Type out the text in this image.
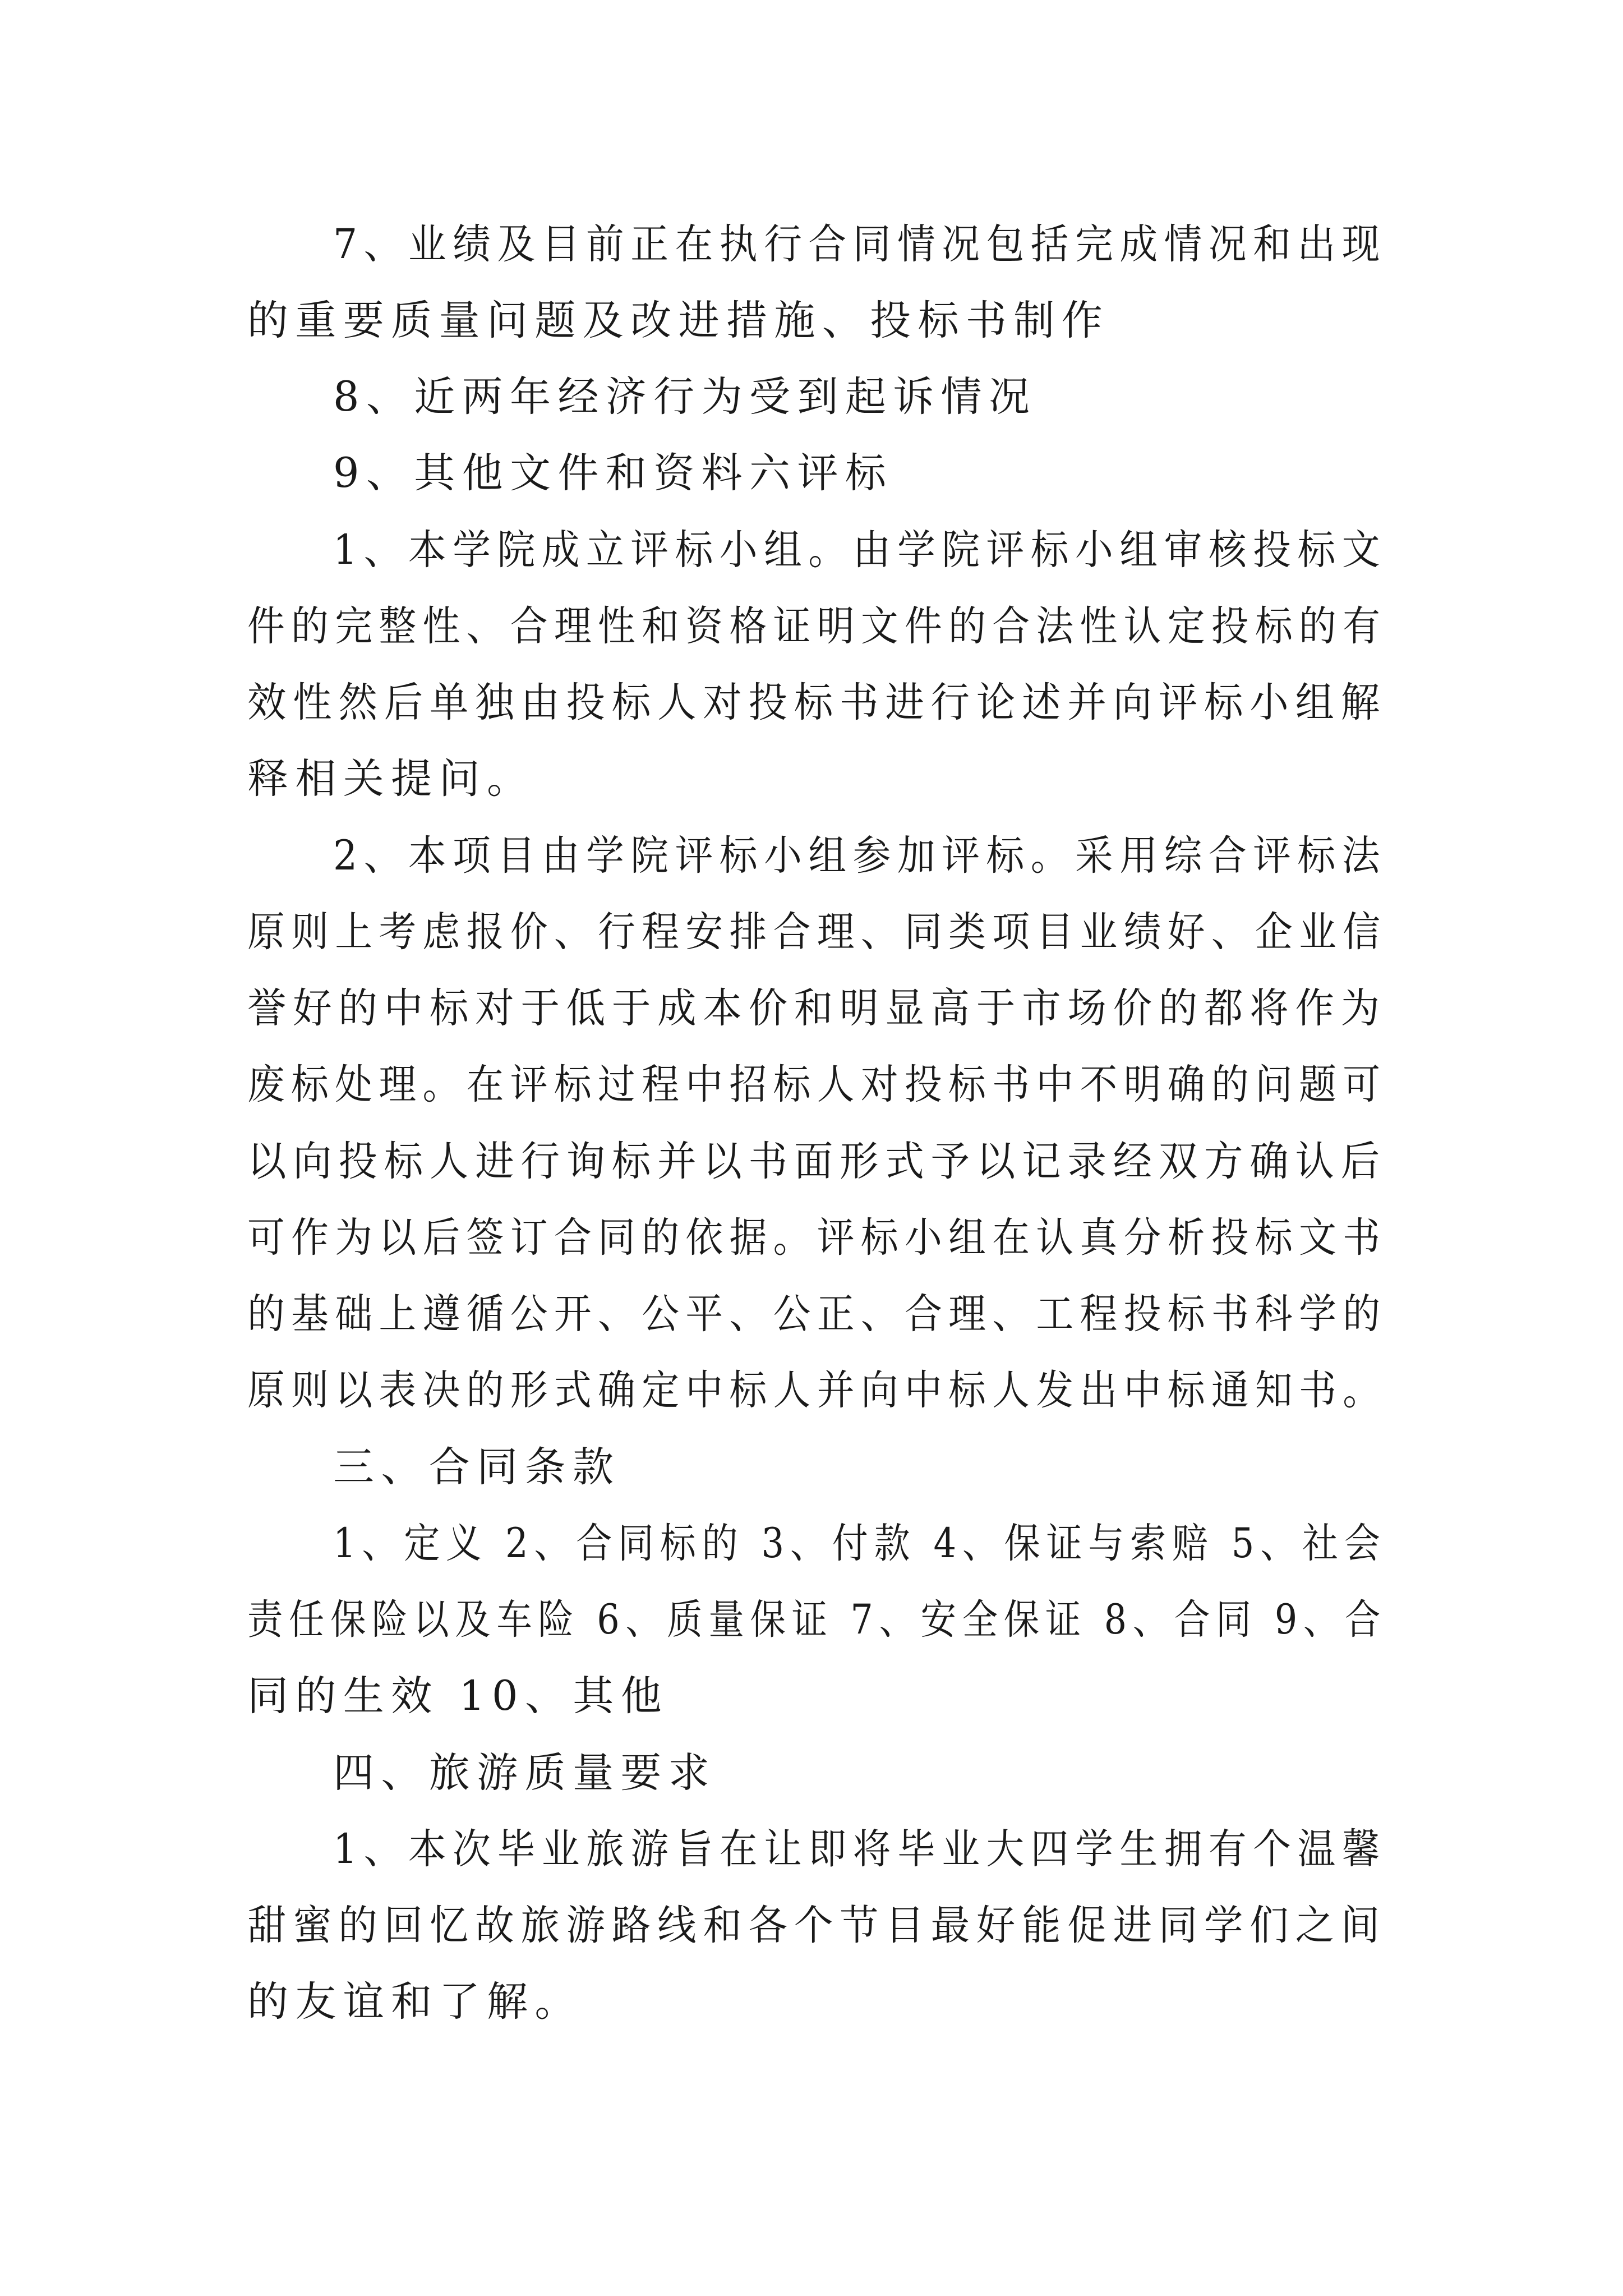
7、业绩及目前正在执行合同情况包括完成情况和出现
的重要质量问题及改进措施、投标书制作
8、近两年经济行为受到起诉情况
9、其他文件和资料六评标
1、本学院成立评标小组。由学院评标小组审核投标文
件的完整性、合理性和资格证明文件的合法性认定投标的有
效性然后单独由投标人对投标书进行论述并向评标小组解
释相关提问。
2、本项目由学院评标小组参加评标。采用综合评标法
原则上考虑报价、行程安排合理、同类项目业绩好、企业信
誉好的中标对于低于成本价和明显高于市场价的都将作为
废标处理。在评标过程中招标人对投标书中不明确的问题可
以向投标人进行询标并以书面形式予以记录经双方确认后
可作为以后签订合同的依据。评标小组在认真分析投标文书
的基础上遵循公开、公平、公正、合理、工程投标书科学的
原则以表决的形式确定中标人并向中标人发出中标通知书。
三、合同条款
1、定义 2、合同标的 3、付款 4、保证与索赔 5、社会
责任保险以及车险 6、质量保证 7、安全保证 8、合同 9、合
同的生效 10、其他
四、旅游质量要求
1、本次毕业旅游旨在让即将毕业大四学生拥有个温馨
甜蜜的回忆故旅游路线和各个节目最好能促进同学们之间
的友谊和了解。
